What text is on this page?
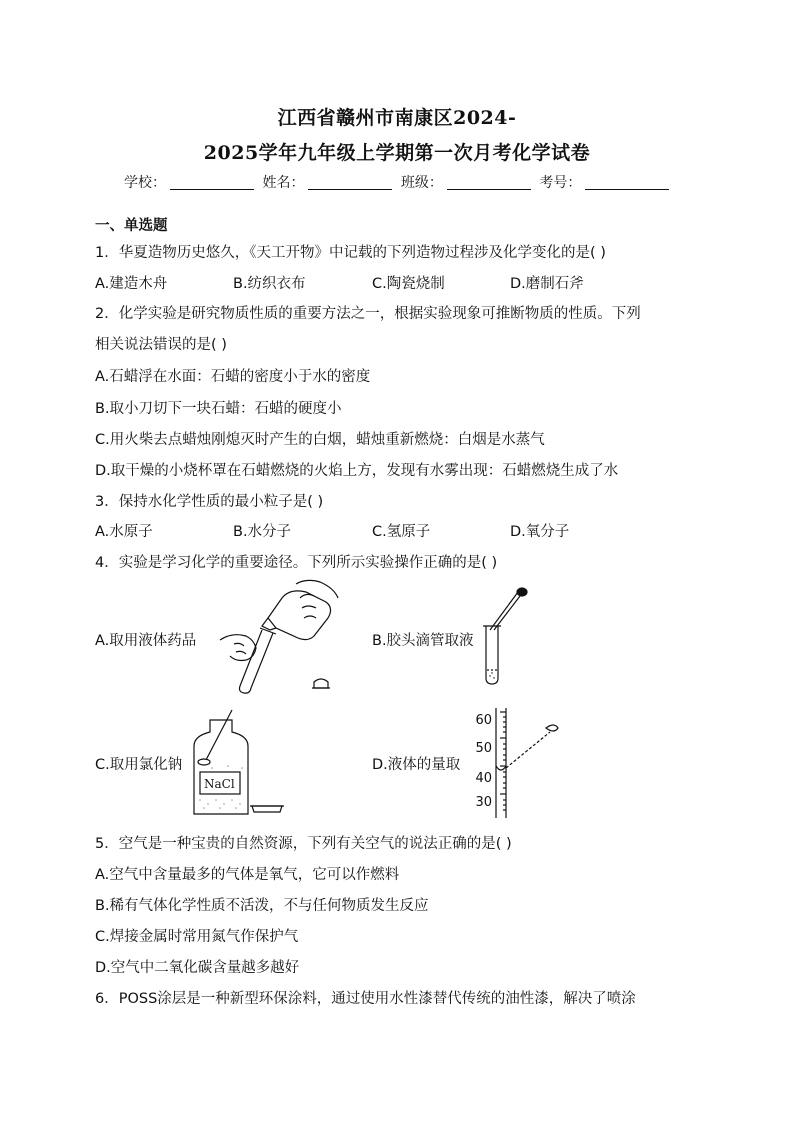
江西省赣州市南康区2024-
2025学年九年级上学期第一次月考化学试卷
学校：	姓名：	班级：	考号：
一、单选题
1．华夏造物历史悠久，《天工开物》中记载的下列造物过程涉及化学变化的是( )
A.建造木舟	B.纺织衣布	C.陶瓷烧制	D.磨制石斧
2．化学实验是研究物质性质的重要方法之一，根据实验现象可推断物质的性质。下列
相关说法错误的是( )
A.石蜡浮在水面：石蜡的密度小于水的密度
B.取小刀切下一块石蜡：石蜡的硬度小
C.用火柴去点蜡烛刚熄灭时产生的白烟，蜡烛重新燃烧：白烟是水蒸气
D.取干燥的小烧杯罩在石蜡燃烧的火焰上方，发现有水雾出现：石蜡燃烧生成了水
3．保持水化学性质的最小粒子是( )
A.水原子	B.水分子	C.氢原子	D.氧分子
4．实验是学习化学的重要途径。下列所示实验操作正确的是( )
A.取用液体药品	B.胶头滴管取液
C.取用氯化钠	D.液体的量取
NaCl
60
50
40
30
5．空气是一种宝贵的自然资源，下列有关空气的说法正确的是( )
A.空气中含量最多的气体是氧气，它可以作燃料
B.稀有气体化学性质不活泼，不与任何物质发生反应
C.焊接金属时常用氮气作保护气
D.空气中二氧化碳含量越多越好
6．POSS涂层是一种新型环保涂料，通过使用水性漆替代传统的油性漆，解决了喷涂
